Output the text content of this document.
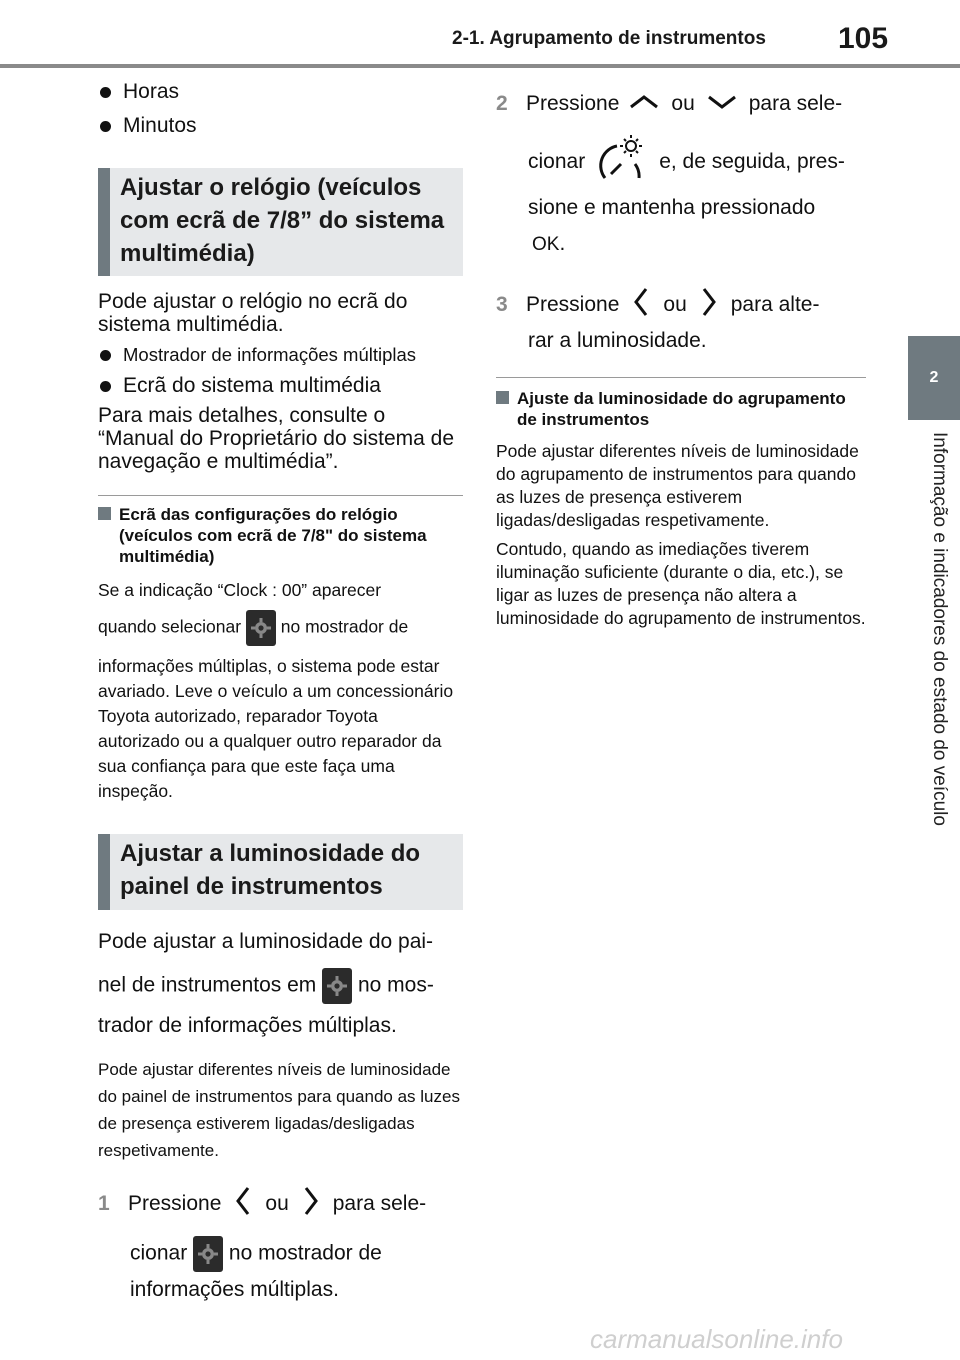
2-1. Agrupamento de instrumentos 105
2
Informação e indicadores do estado do veículo
Horas
Minutos
Ajustar o relógio (veículos com ecrã de 7/8” do sistema multimédia)

Pode ajustar o relógio no ecrã do sistema multimédia.

Mostrador de informações múltiplas
Ecrã do sistema multimédia

Para mais detalhes, consulte o “Manual do Proprietário do sistema de navegação e multimédia”.

Ecrã das configurações do relógio (veículos com ecrã de 7/8" do sistema multimédia)

Se a indicação “Clock : 00” aparecer

quando selecionar no mostrador de

informações múltiplas, o sistema pode estar avariado. Leve o veículo a um concessionário Toyota autorizado, reparador Toyota autorizado ou a qualquer outro reparador da sua confiança para que este faça uma inspeção.

Ajustar a luminosidade do painel de instrumentos

Pode ajustar a luminosidade do pai-

nel de instrumentos em no mos-

trador de informações múltiplas.

Pode ajustar diferentes níveis de luminosidade do painel de instrumentos para quando as luzes de presença estiverem ligadas/desligadas respetivamente.

1 Pressione ou para sele-
cionar no mostrador de
informações múltiplas.
2 Pressione ou	para sele-
cionar	e, de seguida, pres-
sione e mantenha pressionado
OK.
3 Pressione ou para alte-
rar a luminosidade.
Ajuste da luminosidade do agrupamento de instrumentos

Pode ajustar diferentes níveis de luminosidade do agrupamento de instrumentos para quando as luzes de presença estiverem ligadas/desligadas respetivamente.

Contudo, quando as imediações tiverem iluminação suficiente (durante o dia, etc.), se ligar as luzes de presença não altera a luminosidade do agrupamento de instrumentos.

carmanualsonline.info
